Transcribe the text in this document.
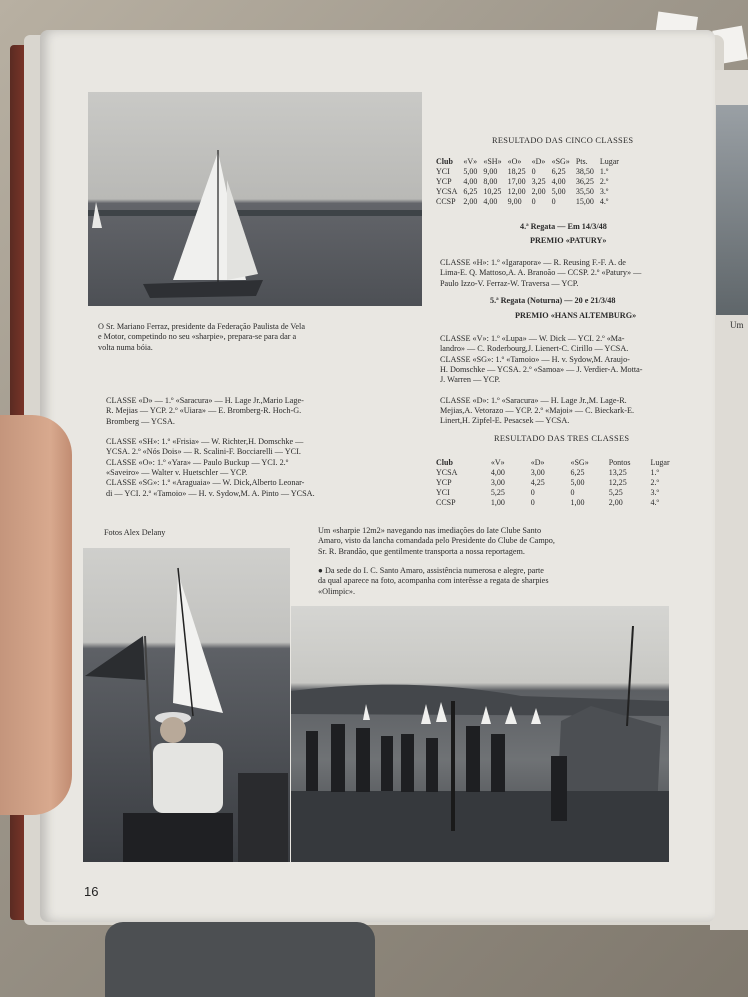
Um
O Sr. Mariano Ferraz, presidente da Federação Paulista de Vela
e Motor, competindo no seu «sharpie», prepara-se para dar a
volta numa bóia.
CLASSE «D» — 1.º «Saracura» — H. Lage Jr.,Mario Lage-
R. Mejias — YCP. 2.º «Uiara» — E. Bromberg-R. Hoch-G.
Bromberg — YCSA.

CLASSE «SH»: 1.º «Frisia» — W. Richter,H. Domschke —
YCSA. 2.º «Nós Dois» — R. Scalini-F. Bocciarelli — YCI.
CLASSE «O»: 1.º «Yara» — Paulo Buckup — YCI. 2.º
«Saveiro» — Walter v. Huetschler — YCP.
CLASSE «SG»: 1.º «Araguaia» — W. Dick,Alberto Leonar-
di — YCI. 2.º «Tamoio» — H. v. Sydow,M. A. Pinto — YCSA.
Fotos Alex Delany
RESULTADO DAS CINCO CLASSES
Club	«V»	«SH»	«O»	«D»	«SG»	Pts.	Lugar
YCI	5,00	9,00	18,25	0	6,25	38,50	1.º
YCP	4,00	8,00	17,00	3,25	4,00	36,25	2.º
YCSA	6,25	10,25	12,00	2,00	5,00	35,50	3.º
CCSP	2,00	4,00	9,00	0	0	15,00	4.º
4.ª Regata — Em 14/3/48
PREMIO «PATURY»
CLASSE «H»: 1.º «Igarapora» — R. Reusing F.-F. A. de
Lima-E. Q. Mattoso,A. A. Branoão — CCSP. 2.º «Patury» —
Paulo Izzo-V. Ferraz-W. Traversa — YCP.
5.ª Regata (Noturna) — 20 e 21/3/48
PREMIO «HANS ALTEMBURG»
CLASSE «V»: 1.º «Lupa» — W. Dick — YCI. 2.º «Ma-
landro» — C. Roderbourg,J. Lienert-C. Cirillo — YCSA.
CLASSE «SG»: 1.º «Tamoio» — H. v. Sydow,M. Araujo-
H. Domschke — YCSA. 2.º «Samoa» — J. Verdier-A. Motta-
J. Warren — YCP.

CLASSE «D»: 1.º «Saracura» — H. Lage Jr.,M. Lage-R.
Mejias,A. Vetorazo — YCP. 2.º «Majoi» — C. Bieckark-E.
Linert,H. Zipfel-E. Pesacsek — YCSA.
RESULTADO DAS TRES CLASSES
Club	«V»	«D»	«SG»	Pontos	Lugar
YCSA	4,00	3,00	6,25	13,25	1.º
YCP	3,00	4,25	5,00	12,25	2.º
YCI	5,25	0	0	5,25	3.º
CCSP	1,00	0	1,00	2,00	4.º
Um «sharpie 12m2» navegando nas imediações do Iate Clube Santo
Amaro, visto da lancha comandada pelo Presidente do Clube de Campo,
Sr. R. Brandão, que gentilmente transporta a nossa reportagem.
● Da sede do I. C. Santo Amaro, assistência numerosa e alegre, parte
da qual aparece na foto, acompanha com interêsse a regata de sharpies
«Olimpic».
16
